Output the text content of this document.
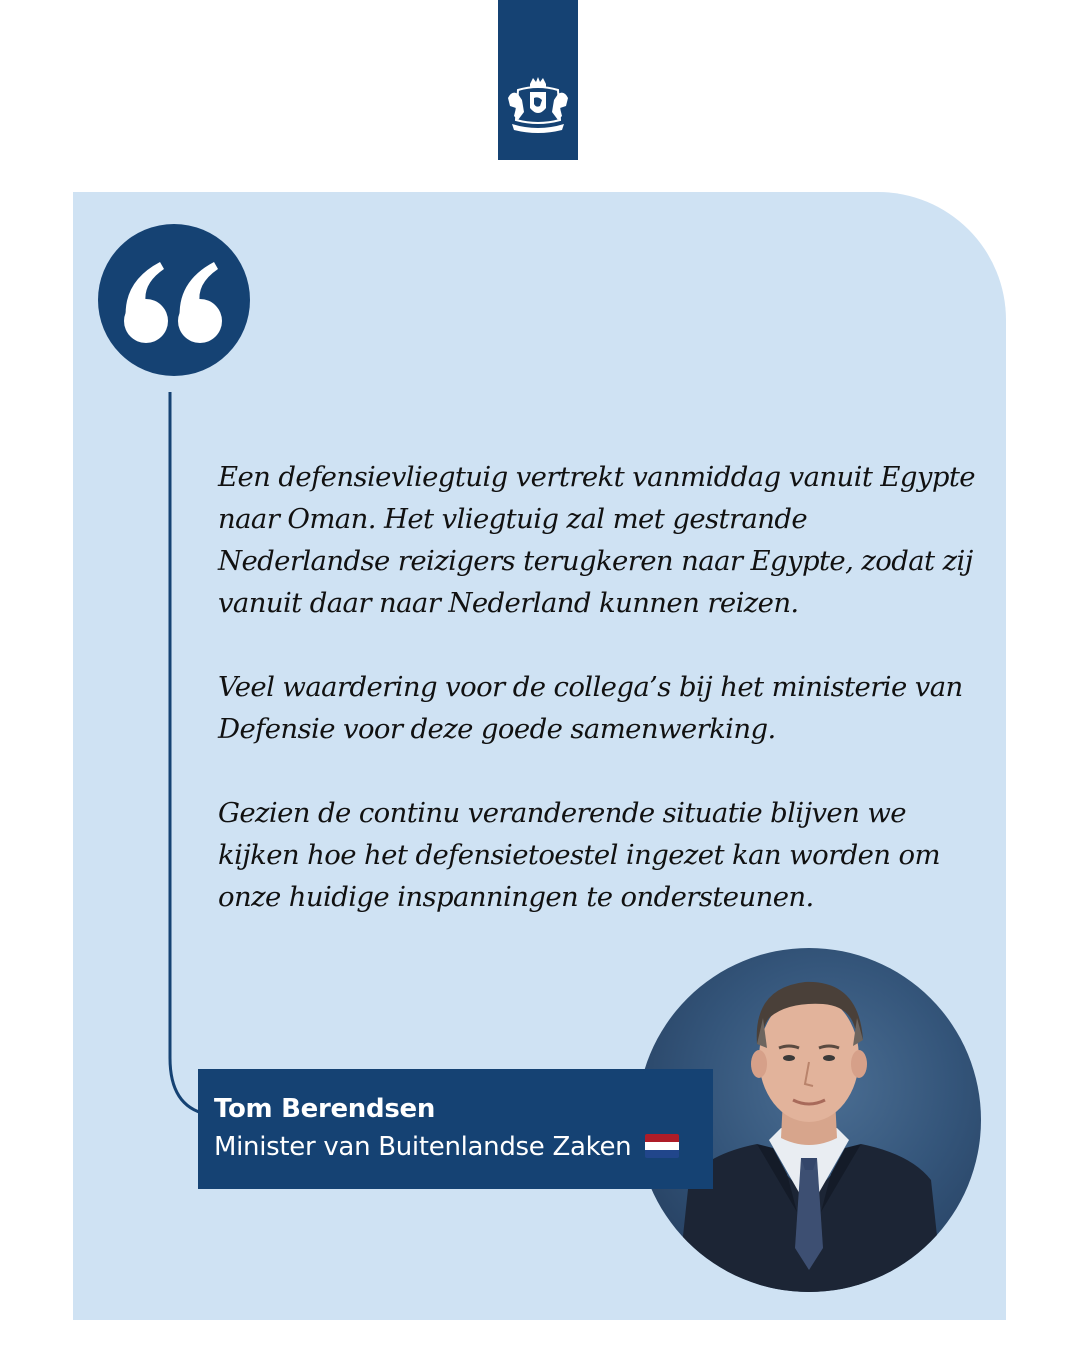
Een defensievliegtuig vertrekt vanmiddag vanuit Egypte naar Oman. Het vliegtuig zal met gestrande Nederlandse reizigers terugkeren naar Egypte, zodat zij vanuit daar naar Nederland kunnen reizen.

Veel waardering voor de collega’s bij het ministerie van Defensie voor deze goede samenwerking.

Gezien de continu veranderende situatie blijven we kijken hoe het defensietoestel ingezet kan worden om onze huidige inspanningen te ondersteunen.

Tom Berendsen
Minister van Buitenlandse Zaken
